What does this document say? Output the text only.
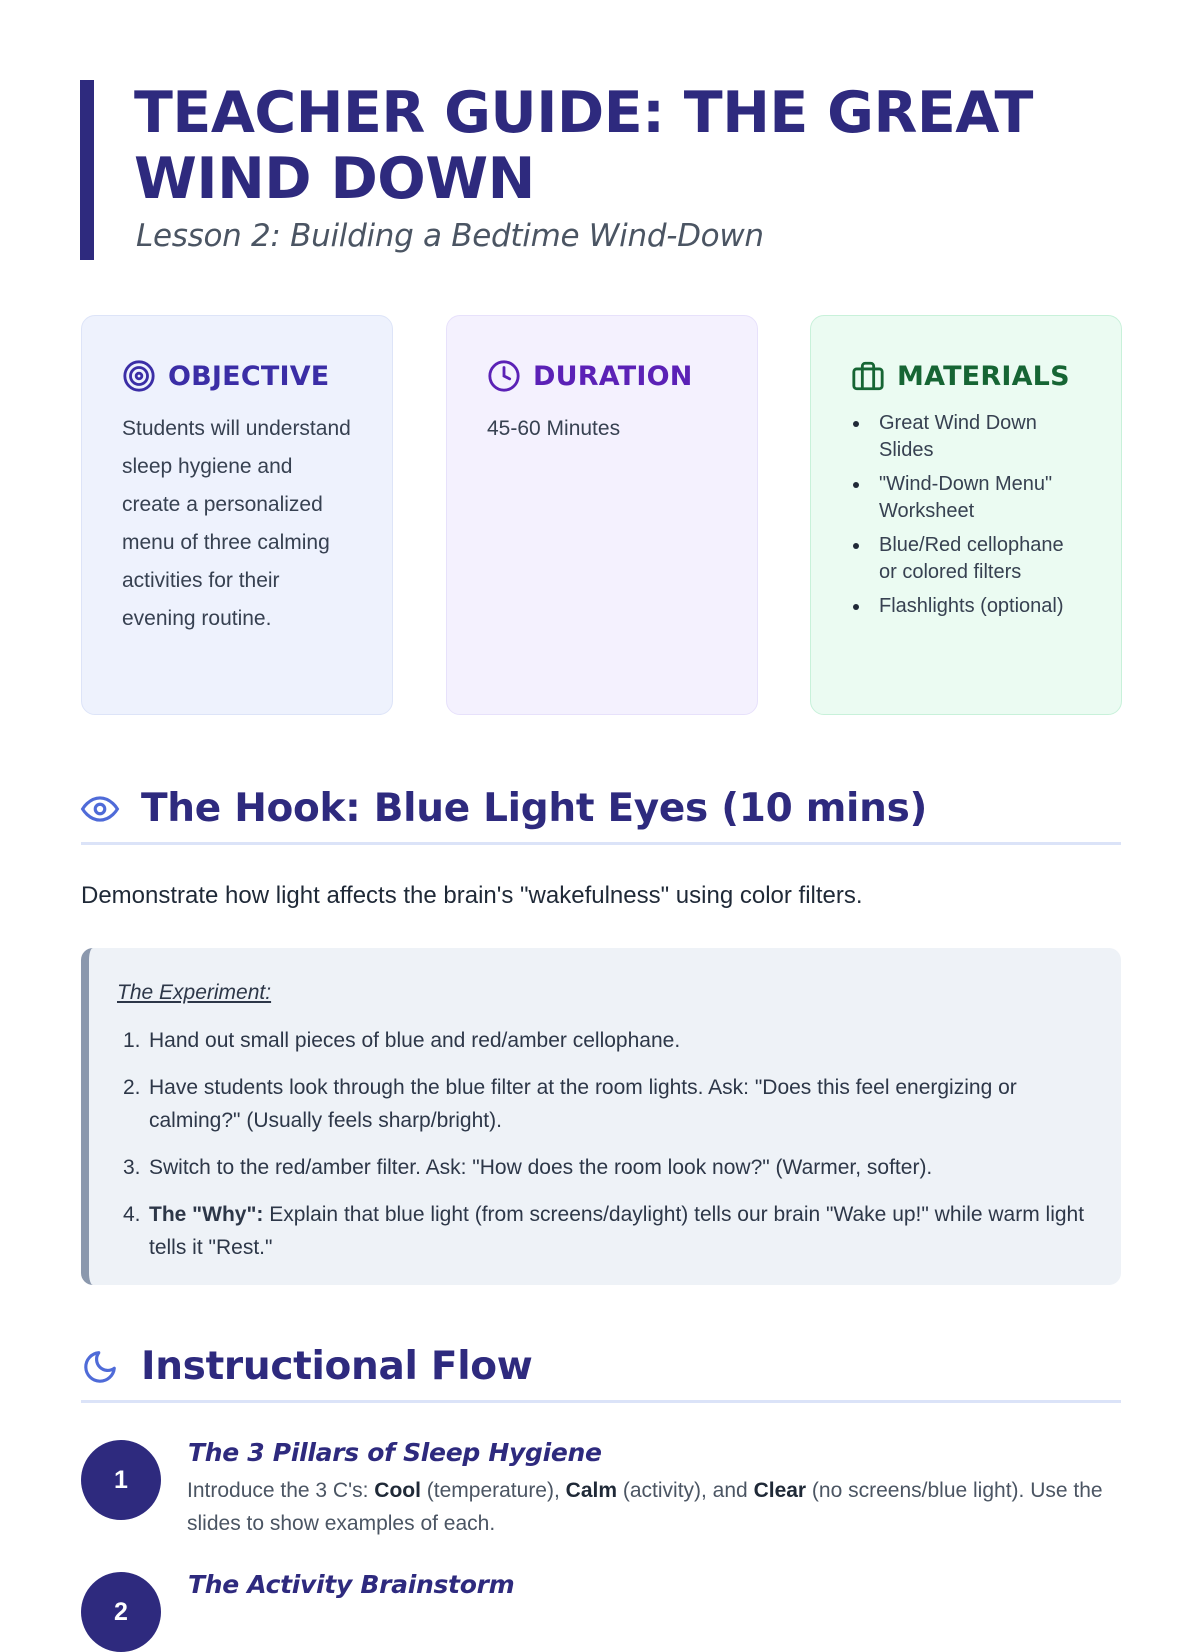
TEACHER GUIDE: THE GREAT WIND DOWN
Lesson 2: Building a Bedtime Wind-Down
OBJECTIVE

Students will understand sleep hygiene and create a personalized menu of three calming activities for their evening routine.

DURATION

45-60 Minutes

MATERIALS
Great Wind Down Slides
"Wind-Down Menu" Worksheet
Blue/Red cellophane or colored filters
Flashlights (optional)
The Hook: Blue Light Eyes (10 mins)

Demonstrate how light affects the brain's "wakefulness" using color filters.

The Experiment:
1. Hand out small pieces of blue and red/amber cellophane.
2. Have students look through the blue filter at the room lights. Ask: "Does this feel energizing or calming?" (Usually feels sharp/bright).
3. Switch to the red/amber filter. Ask: "How does the room look now?" (Warmer, softer).
4. The "Why": Explain that blue light (from screens/daylight) tells our brain "Wake up!" while warm light tells it "Rest."
Instructional Flow
1
The 3 Pillars of Sleep Hygiene

Introduce the 3 C's: Cool (temperature), Calm (activity), and Clear (no screens/blue light). Use the slides to show examples of each.

2
The Activity Brainstorm
